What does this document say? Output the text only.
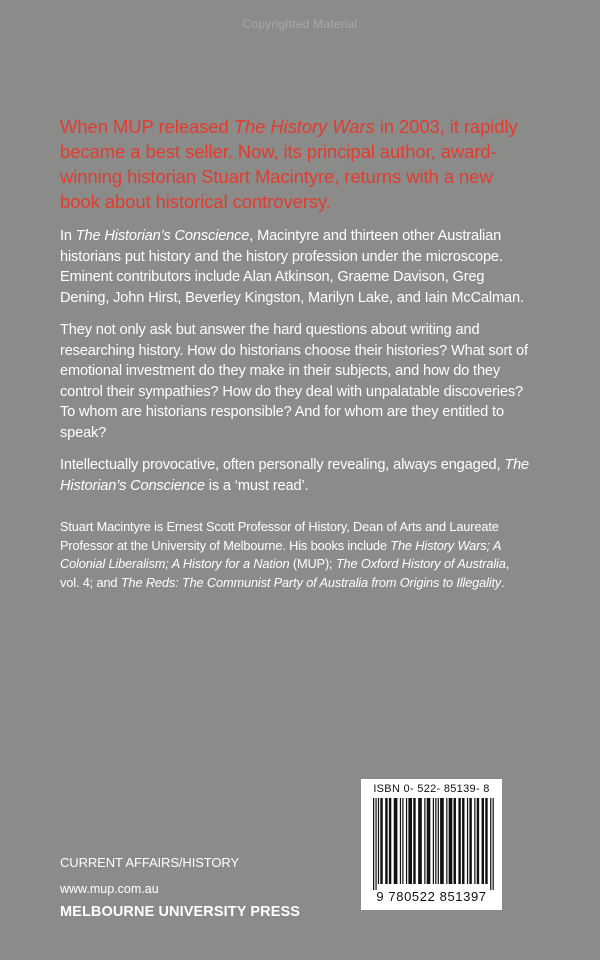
Copyrighted Material

When MUP released The History Wars in 2003, it rapidly became a best seller. Now, its principal author, award-winning historian Stuart Macintyre, returns with a new book about historical controversy.

In The Historian’s Conscience, Macintyre and thirteen other Australian historians put history and the history profession under the microscope. Eminent contributors include Alan Atkinson, Graeme Davison, Greg Dening, John Hirst, Beverley Kingston, Marilyn Lake, and Iain McCalman.

They not only ask but answer the hard questions about writing and researching history. How do historians choose their histories? What sort of emotional investment do they make in their subjects, and how do they control their sympathies? How do they deal with unpalatable discoveries? To whom are historians responsible? And for whom are they entitled to speak?

Intellectually provocative, often personally revealing, always engaged, The Historian’s Conscience is a ‘must read’.

Stuart Macintyre is Ernest Scott Professor of History, Dean of Arts and Laureate Professor at the University of Melbourne. His books include The History Wars; A Colonial Liberalism; A History for a Nation (MUP); The Oxford History of Australia, vol. 4; and The Reds: The Communist Party of Australia from Origins to Illegality.

CURRENT AFFAIRS/HISTORY
www.mup.com.au
MELBOURNE UNIVERSITY PRESS
ISBN 0- 522- 85139- 8
9 780522 851397
